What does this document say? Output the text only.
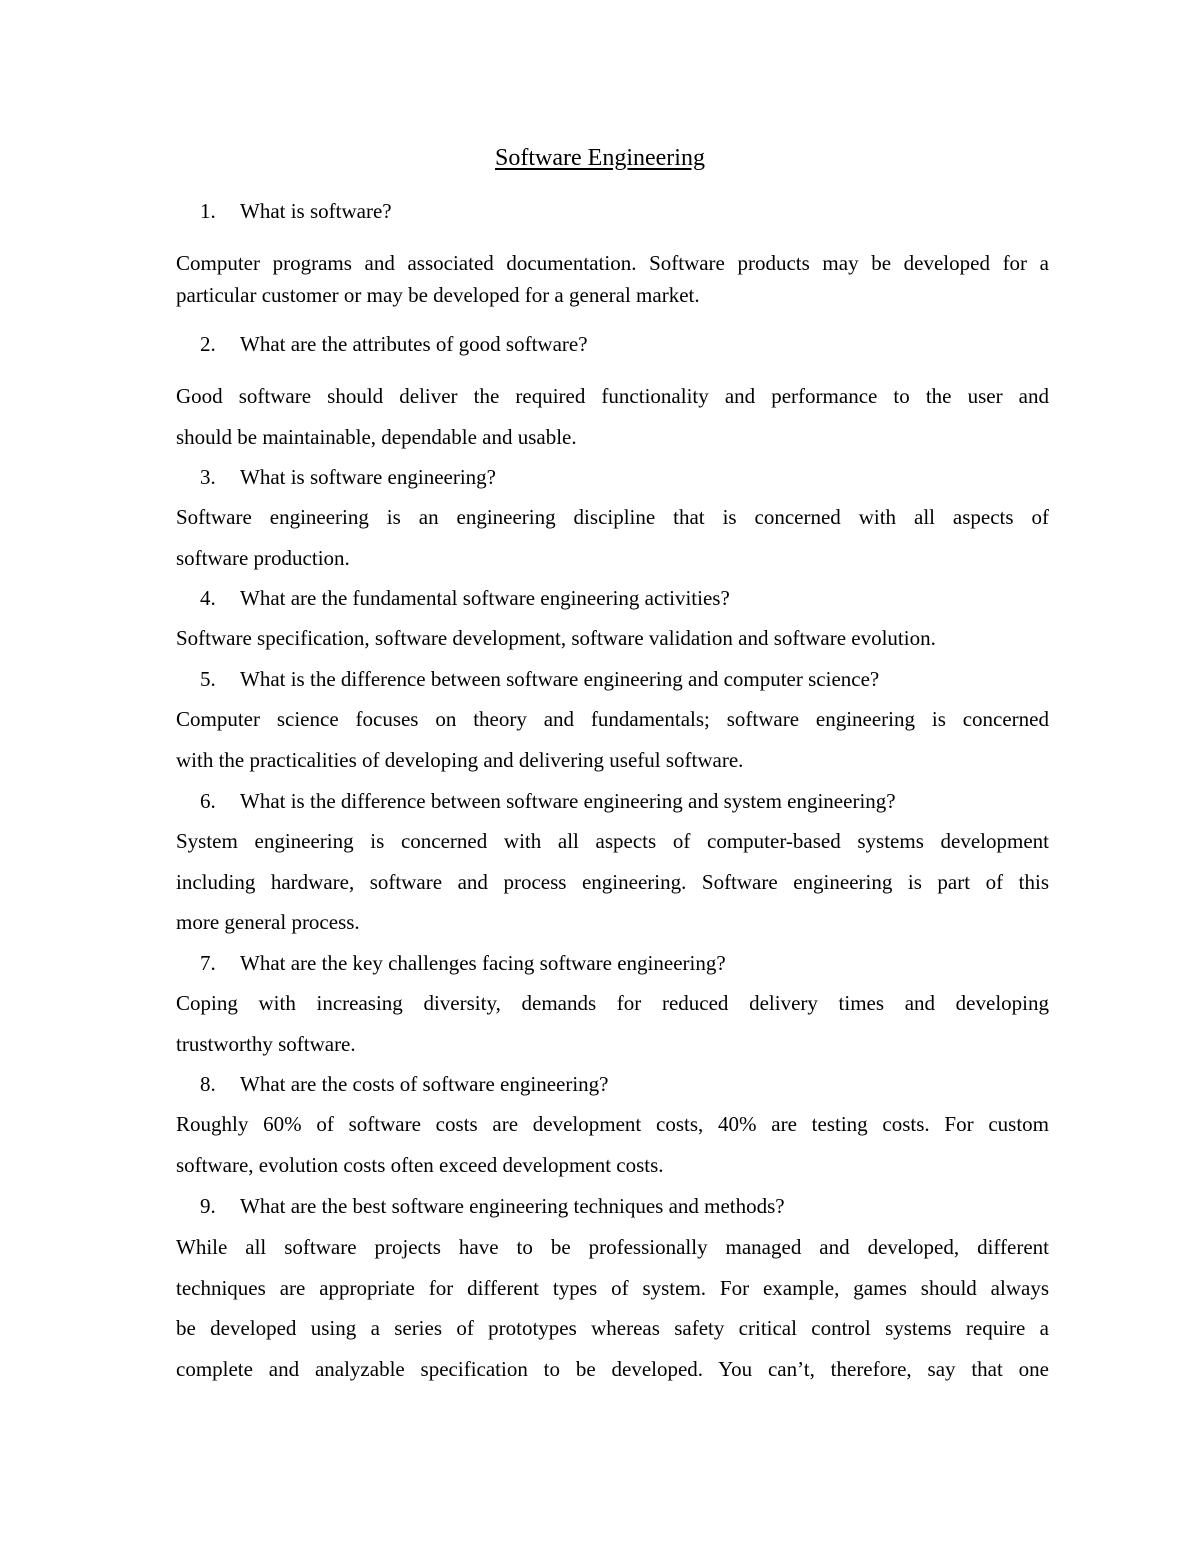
Software Engineering
1. What is software?
Computer programs and associated documentation. Software products may be developed for a
particular customer or may be developed for a general market.
2. What are the attributes of good software?
Good software should deliver the required functionality and performance to the user and
should be maintainable, dependable and usable.
3. What is software engineering?
Software engineering is an engineering discipline that is concerned with all aspects of
software production.
4. What are the fundamental software engineering activities?
Software specification, software development, software validation and software evolution.
5. What is the difference between software engineering and computer science?
Computer science focuses on theory and fundamentals; software engineering is concerned
with the practicalities of developing and delivering useful software.
6. What is the difference between software engineering and system engineering?
System engineering is concerned with all aspects of computer-based systems development
including hardware, software and process engineering. Software engineering is part of this
more general process.
7. What are the key challenges facing software engineering?
Coping with increasing diversity, demands for reduced delivery times and developing
trustworthy software.
8. What are the costs of software engineering?
Roughly 60% of software costs are development costs, 40% are testing costs. For custom
software, evolution costs often exceed development costs.
9. What are the best software engineering techniques and methods?
While all software projects have to be professionally managed and developed, different
techniques are appropriate for different types of system. For example, games should always
be developed using a series of prototypes whereas safety critical control systems require a
complete and analyzable specification to be developed. You can’t, therefore, say that one
